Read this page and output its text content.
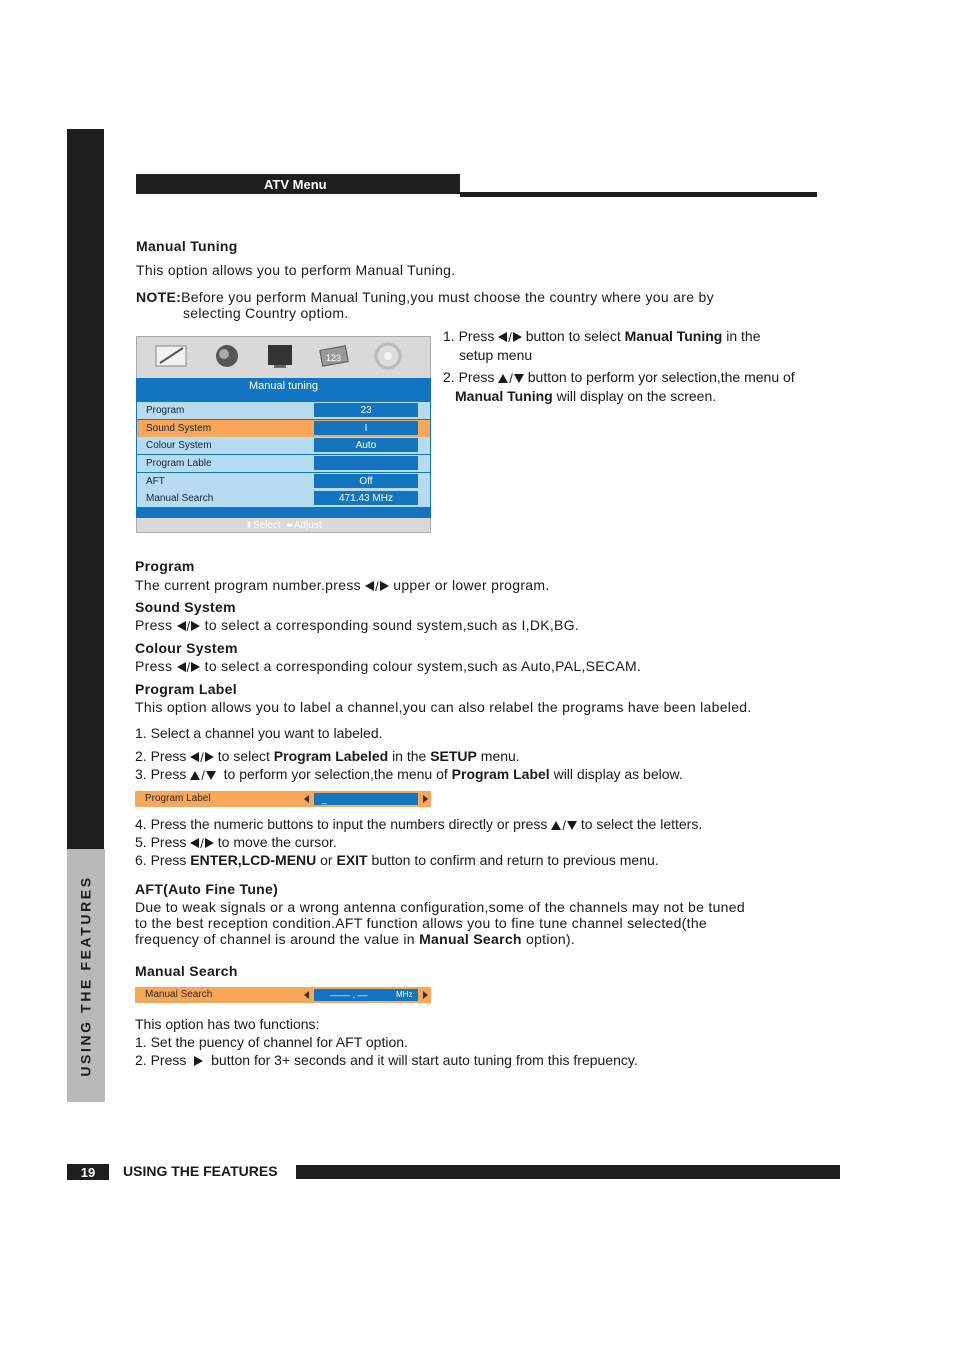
USING THE FEATURES
ATV Menu
Manual Tuning
This option allows you to perform Manual Tuning.
NOTE:Before you perform Manual Tuning,you must choose the country where you are by
selecting Country optiom.
1. Press / button to select Manual Tuning in the
setup menu
2. Press / button to perform yor selection,the menu of
Manual Tuning will display on the screen.
123
Manual tuning
Program	23
Sound System	I
Colour System	Auto
Program Lable
AFT	Off
Manual Search	471.43 MHz
⬍Select ⬌Adjust
Program
The current program number.press / upper or lower program.
Sound System
Press / to select a corresponding sound system,such as I,DK,BG.
Colour System
Press / to select a corresponding colour system,such as Auto,PAL,SECAM.
Program Label
This option allows you to label a channel,you can also relabel the programs have been labeled.
1. Select a channel you want to labeled.
2. Press / to select Program Labeled in the SETUP menu.
3. Press / to perform yor selection,the menu of Program Label will display as below.
Program Label	_
4. Press the numeric buttons to input the numbers directly or press / to select the letters.
5. Press / to move the cursor.
6. Press ENTER,LCD-MENU or EXIT button to confirm and return to previous menu.
AFT(Auto Fine Tune)
Due to weak signals or a wrong antenna configuration,some of the channels may not be tuned
to the best reception condition.AFT function allows you to fine tune channel selected(the
frequency of channel is around the value in Manual Search option).
Manual Search
Manual Search	–––– . ––	MHz
This option has two functions:
1. Set the puency of channel for AFT option.
2. Press button for 3+ seconds and it will start auto tuning from this frepuency.
19	USING THE FEATURES
